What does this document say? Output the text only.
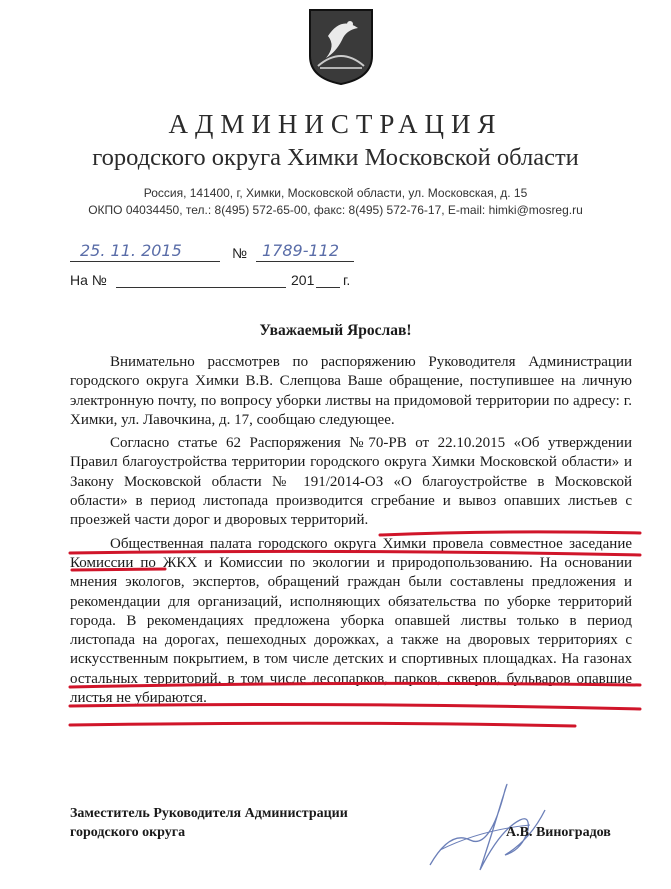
АДМИНИСТРАЦИЯ
городского округа Химки Московской области
Россия, 141400, г, Химки, Московской области, ул. Московская, д. 15
ОКПО 04034450, тел.: 8(495) 572-65-00, факс: 8(495) 572-76-17, E-mail: himki@mosreg.ru
25. 11. 2015	№ 1789-112
На №	201 г.
Уважаемый Ярослав!

Внимательно рассмотрев по распоряжению Руководителя Администрации городского округа Химки В.В. Слепцова Ваше обращение, поступившее на личную электронную почту, по вопросу уборки листвы на придомовой территории по адресу: г. Химки, ул. Лавочкина, д. 17, сообщаю следующее.

Согласно статье 62 Распоряжения №70-РВ от 22.10.2015 «Об утверждении Правил благоустройства территории городского округа Химки Московской области» и Закону Московской области № 191/2014-ОЗ «О благоустройстве в Московской области» в период листопада производится сгребание и вывоз опавших листьев с проезжей части дорог и дворовых территорий.

Общественная палата городского округа Химки провела совместное заседание Комиссии по ЖКХ и Комиссии по экологии и природопользованию. На основании мнения экологов, экспертов, обращений граждан были составлены предложения и рекомендации для организаций, исполняющих обязательства по уборке территорий города. В рекомендациях предложена уборка опавшей листвы только в период листопада на дорогах, пешеходных дорожках, а также на дворовых территориях с искусственным покрытием, в том числе детских и спортивных площадках. На газонах остальных территорий, в том числе лесопарков, парков, скверов, бульваров опавшие листья не убираются.

Заместитель Руководителя Администрации
городского округа	А.В. Виноградов
